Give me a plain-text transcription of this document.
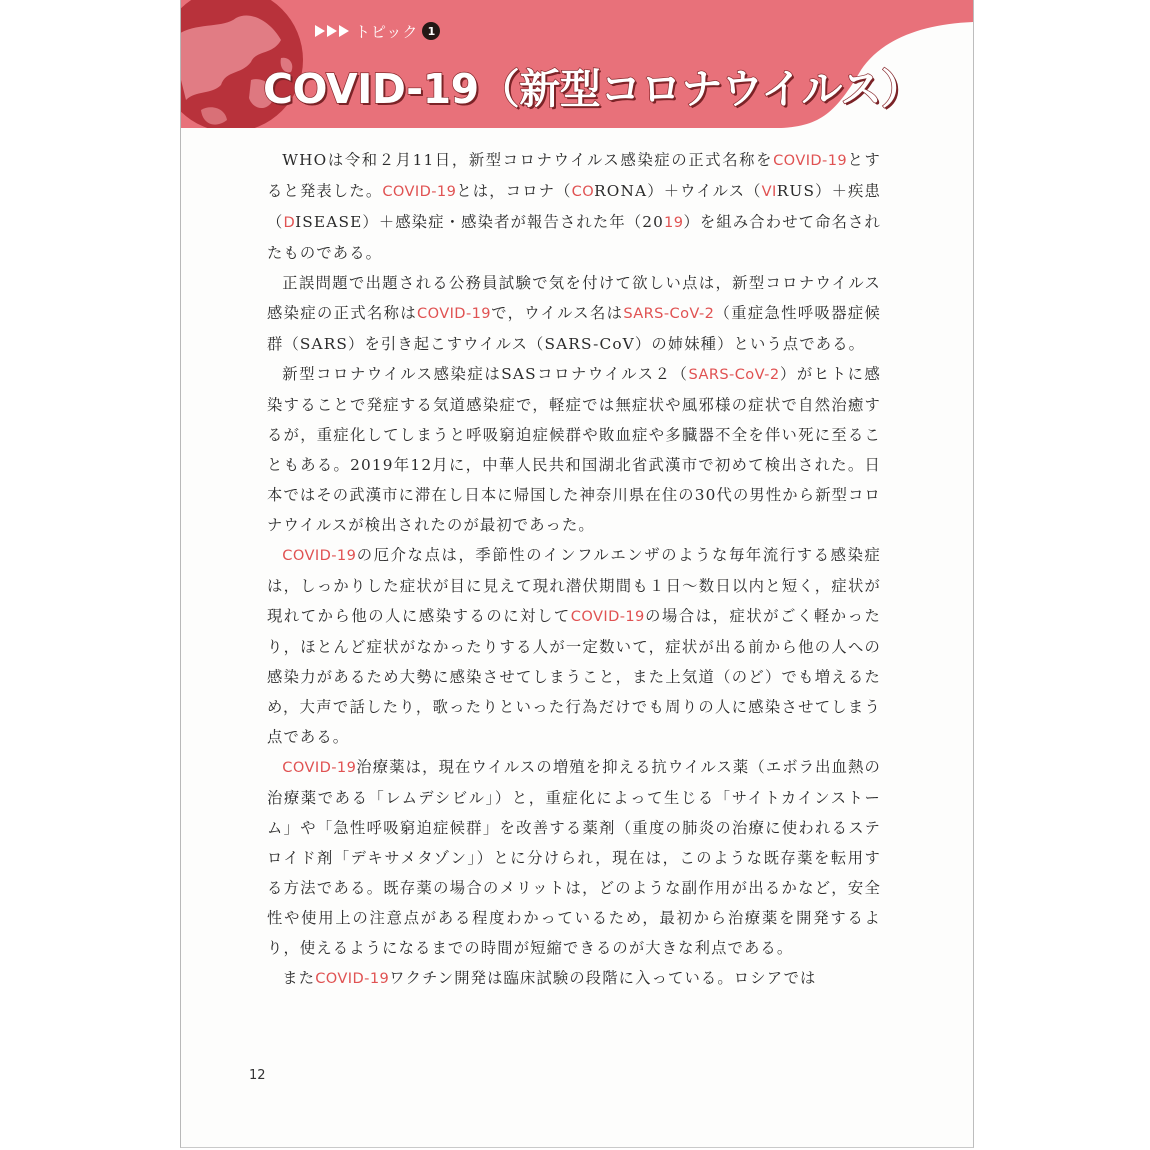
トピック 1
COVID-19（新型コロナウイルス）

WHOは令和２月11日，新型コロナウイルス感染症の正式名称をCOVID-19とすると発表した。COVID-19とは，コロナ（CORONA）＋ウイルス（VIRUS）＋疾患（DISEASE）＋感染症・感染者が報告された年（2019）を組み合わせて命名されたものである。

正誤問題で出題される公務員試験で気を付けて欲しい点は，新型コロナウイルス感染症の正式名称はCOVID-19で，ウイルス名はSARS-CoV-2（重症急性呼吸器症候群（SARS）を引き起こすウイルス（SARS-CoV）の姉妹種）という点である。

新型コロナウイルス感染症はSASコロナウイルス２（SARS-CoV-2）がヒトに感染することで発症する気道感染症で，軽症では無症状や風邪様の症状で自然治癒するが，重症化してしまうと呼吸窮迫症候群や敗血症や多臓器不全を伴い死に至ることもある。2019年12月に，中華人民共和国湖北省武漢市で初めて検出された。日本ではその武漢市に滞在し日本に帰国した神奈川県在住の30代の男性から新型コロナウイルスが検出されたのが最初であった。

COVID-19の厄介な点は，季節性のインフルエンザのような毎年流行する感染症は，しっかりした症状が目に見えて現れ潜伏期間も１日～数日以内と短く，症状が現れてから他の人に感染するのに対してCOVID-19の場合は，症状がごく軽かったり，ほとんど症状がなかったりする人が一定数いて，症状が出る前から他の人への感染力があるため大勢に感染させてしまうこと，また上気道（のど）でも増えるため，大声で話したり，歌ったりといった行為だけでも周りの人に感染させてしまう点である。

COVID-19治療薬は，現在ウイルスの増殖を抑える抗ウイルス薬（エボラ出血熱の治療薬である「レムデシビル」）と，重症化によって生じる「サイトカインストーム」や「急性呼吸窮迫症候群」を改善する薬剤（重度の肺炎の治療に使われるステロイド剤「デキサメタゾン」）とに分けられ，現在は，このような既存薬を転用する方法である。既存薬の場合のメリットは，どのような副作用が出るかなど，安全性や使用上の注意点がある程度わかっているため，最初から治療薬を開発するより，使えるようになるまでの時間が短縮できるのが大きな利点である。

またCOVID-19ワクチン開発は臨床試験の段階に入っている。ロシアでは

12
